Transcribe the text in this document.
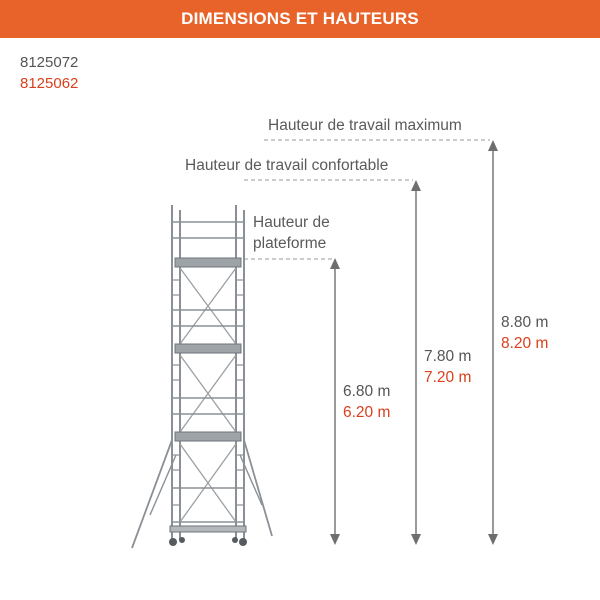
DIMENSIONS ET HAUTEURS
8125072
8125062
Hauteur de travail maximum
Hauteur de travail confortable
Hauteur de
plateforme
8.80 m
8.20 m
7.80 m
7.20 m
6.80 m
6.20 m
